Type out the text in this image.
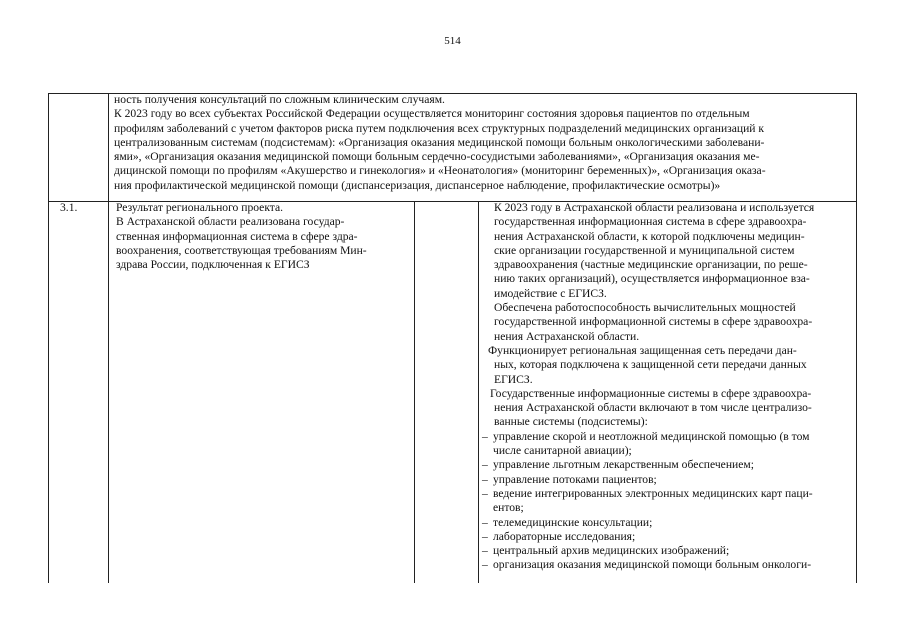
514

ность получения консультаций по сложным клиническим случаям.

К 2023 году во всех субъектах Российской Федерации осуществляется мониторинг состояния здоровья пациентов по отдельным

профилям заболеваний с учетом факторов риска путем подключения всех структурных подразделений медицинских организаций к

централизованным системам (подсистемам): «Организация оказания медицинской помощи больным онкологическими заболевани-

ями», «Организация оказания медицинской помощи больным сердечно-сосудистыми заболеваниями», «Организация оказания ме-

дицинской помощи по профилям «Акушерство и гинекология» и «Неонатология» (мониторинг беременных)», «Организация оказа-

ния профилактической медицинской помощи (диспансеризация, диспансерное наблюдение, профилактические осмотры)»

3.1.	Результат регионального проекта.

В Астраханской области реализована государ-

ственная информационная система в сфере здра-

воохранения, соответствующая требованиям Мин-

здрава России, подключенная к ЕГИСЗ

К 2023 году в Астраханской области реализована и используется

государственная информационная система в сфере здравоохра-

нения Астраханской области, к которой подключены медицин-

ские организации государственной и муниципальной систем

здравоохранения (частные медицинские организации, по реше-

нию таких организаций), осуществляется информационное вза-

имодействие с ЕГИСЗ.

Обеспечена работоспособность вычислительных мощностей

государственной информационной системы в сфере здравоохра-

нения Астраханской области.

Функционирует региональная защищенная сеть передачи дан-

ных, которая подключена к защищенной сети передачи данных

ЕГИСЗ.

Государственные информационные системы в сфере здравоохра-

нения Астраханской области включают в том числе централизо-

ванные системы (подсистемы):

– управление скорой и неотложной медицинской помощью (в том

числе санитарной авиации);

– управление льготным лекарственным обеспечением;

– управление потоками пациентов;

– ведение интегрированных электронных медицинских карт паци-

ентов;

– телемедицинские консультации;

– лабораторные исследования;

– центральный архив медицинских изображений;

– организация оказания медицинской помощи больным онкологи-
